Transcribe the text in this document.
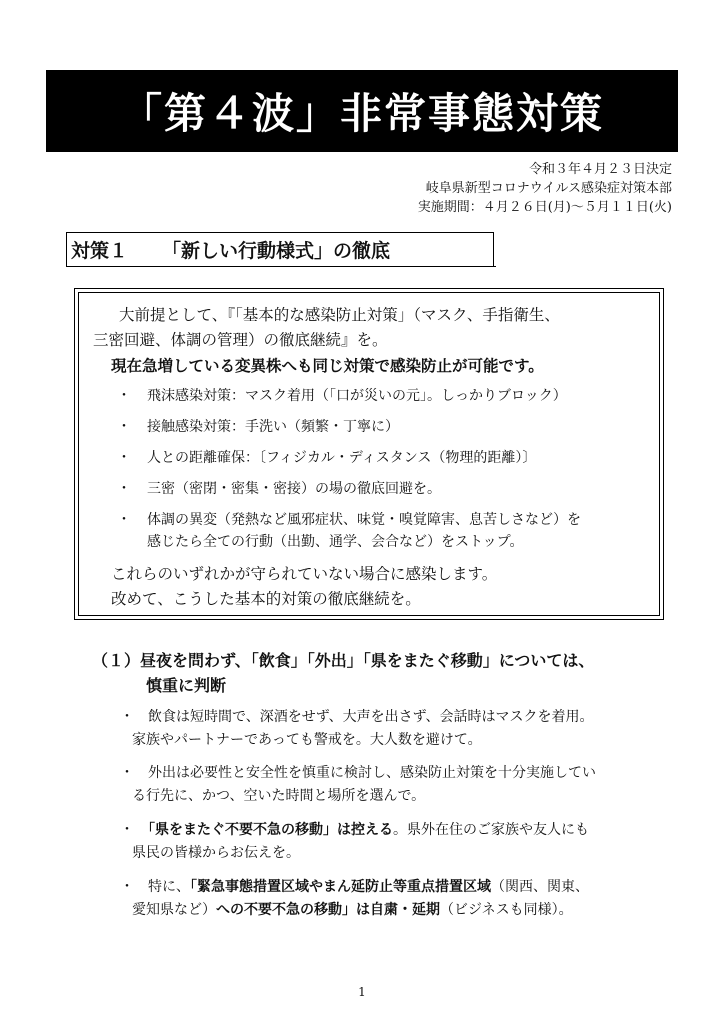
「第４波」非常事態対策
令和３年４月２３日決定
岐阜県新型コロナウイルス感染症対策本部
実施期間：４月２６日(月)～５月１１日(火)
対策１ 「新しい行動様式」の徹底
大前提として、『「基本的な感染防止対策」（マスク、手指衛生、
三密回避、体調の管理）の徹底継続』を。
現在急増している変異株へも同じ対策で感染防止が可能です。
・ 飛沫感染対策：マスク着用（「口が災いの元」。しっかりブロック）
・ 接触感染対策：手洗い（頻繁・丁寧に）
・ 人との距離確保：〔フィジカル・ディスタンス（物理的距離）〕
・ 三密（密閉・密集・密接）の場の徹底回避を。
・ 体調の異変（発熱など風邪症状、味覚・嗅覚障害、息苦しさなど）を
感じたら全ての行動（出勤、通学、会合など）をストップ。
これらのいずれかが守られていない場合に感染します。
改めて、こうした基本的対策の徹底継続を。
（１）昼夜を問わず、「飲食」「外出」「県をまたぐ移動」については、
慎重に判断
・　飲食は短時間で、深酒をせず、大声を出さず、会話時はマスクを着用。
家族やパートナーであっても警戒を。大人数を避けて。
・　外出は必要性と安全性を慎重に検討し、感染防止対策を十分実施してい
る行先に、かつ、空いた時間と場所を選んで。
・　「県をまたぐ不要不急の移動」は控える。県外在住のご家族や友人にも
県民の皆様からお伝えを。
・　特に、「緊急事態措置区域やまん延防止等重点措置区域（関西、関東、
愛知県など）への不要不急の移動」は自粛・延期（ビジネスも同様）。
1
